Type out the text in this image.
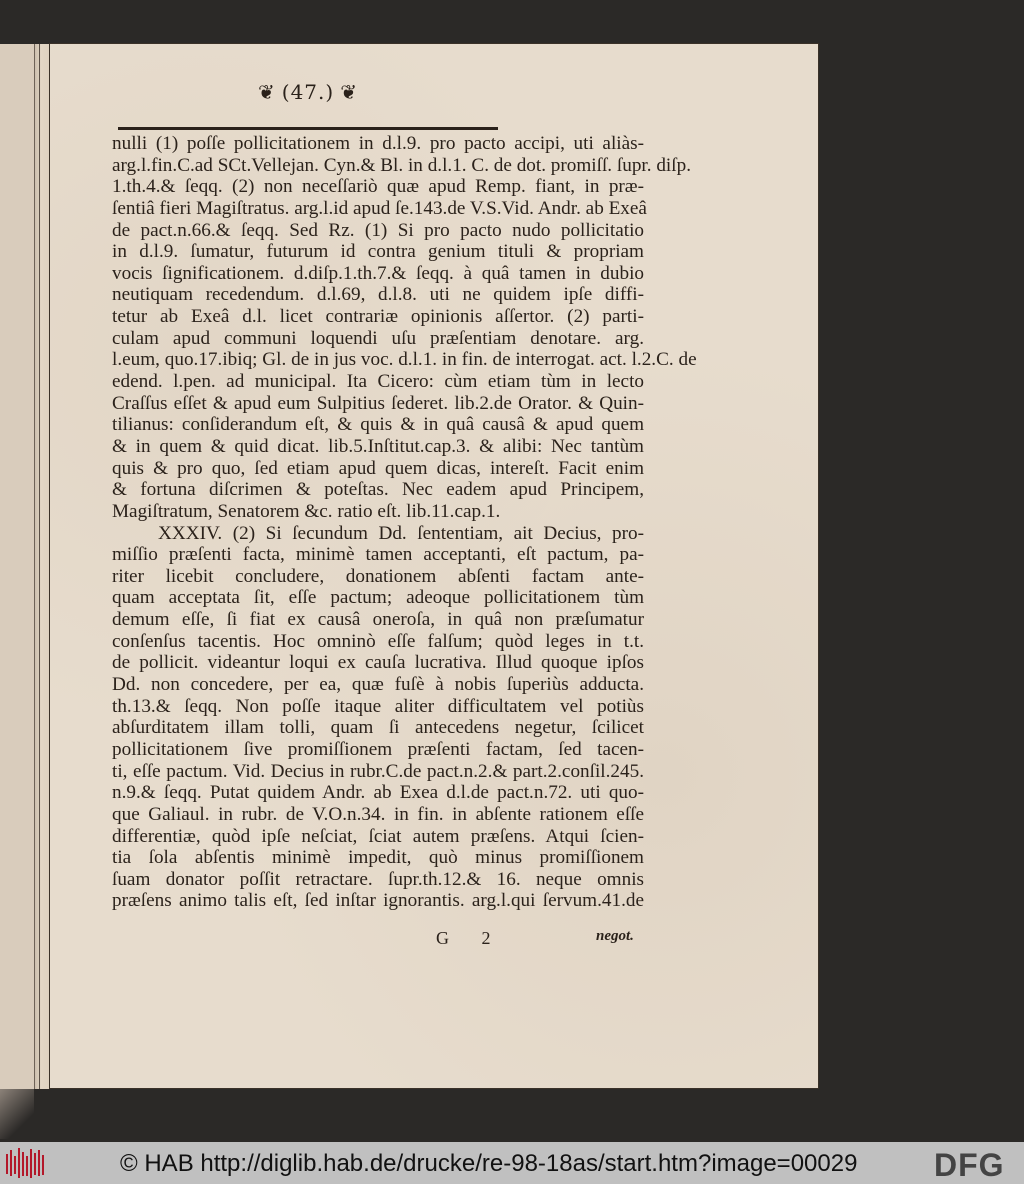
❦ (47.) ❦
nulli (1) poſſe pollicitationem in d.l.9. pro pacto accipi, uti aliàs-
arg.l.fin.C.ad SCt.Vellejan. Cyn.& Bl. in d.l.1. C. de dot. promiſſ. ſupr. diſp.
1.th.4.& ſeqq. (2) non neceſſariò quæ apud Remp. fiant, in præ-
ſentiâ fieri Magiſtratus. arg.l.id apud ſe.143.de V.S.Vid. Andr. ab Exeâ
de pact.n.66.& ſeqq. Sed Rz. (1) Si pro pacto nudo pollicitatio
in d.l.9. ſumatur, futurum id contra genium tituli & propriam
vocis ſignificationem. d.diſp.1.th.7.& ſeqq. à quâ tamen in dubio
neutiquam recedendum. d.l.69, d.l.8. uti ne quidem ipſe diffi-
tetur ab Exeâ d.l. licet contrariæ opinionis aſſertor. (2) parti-
culam apud communi loquendi uſu præſentiam denotare. arg.
l.eum, quo.17.ibiq; Gl. de in jus voc. d.l.1. in fin. de interrogat. act. l.2.C. de
edend. l.pen. ad municipal. Ita Cicero: cùm etiam tùm in lecto
Craſſus eſſet & apud eum Sulpitius ſederet. lib.2.de Orator. & Quin-
tilianus: conſiderandum eſt, & quis & in quâ causâ & apud quem
& in quem & quid dicat. lib.5.Inſtitut.cap.3. & alibi: Nec tantùm
quis & pro quo, ſed etiam apud quem dicas, intereſt. Facit enim
& fortuna diſcrimen & poteſtas. Nec eadem apud Principem,
Magiſtratum, Senatorem &c. ratio eſt. lib.11.cap.1.
XXXIV. (2) Si ſecundum Dd. ſententiam, ait Decius, pro-
miſſio præſenti facta, minimè tamen acceptanti, eſt pactum, pa-
riter licebit concludere, donationem abſenti factam ante-
quam acceptata ſit, eſſe pactum; adeoque pollicitationem tùm
demum eſſe, ſi fiat ex causâ oneroſa, in quâ non præſumatur
conſenſus tacentis. Hoc omninò eſſe falſum; quòd leges in t.t.
de pollicit. videantur loqui ex cauſa lucrativa. Illud quoque ipſos
Dd. non concedere, per ea, quæ fuſè à nobis ſuperiùs adducta.
th.13.& ſeqq. Non poſſe itaque aliter difficultatem vel potiùs
abſurditatem illam tolli, quam ſi antecedens negetur, ſcilicet
pollicitationem ſive promiſſionem præſenti factam, ſed tacen-
ti, eſſe pactum. Vid. Decius in rubr.C.de pact.n.2.& part.2.conſil.245.
n.9.& ſeqq. Putat quidem Andr. ab Exea d.l.de pact.n.72. uti quo-
que Galiaul. in rubr. de V.O.n.34. in fin. in abſente rationem eſſe
differentiæ, quòd ipſe neſciat, ſciat autem præſens. Atqui ſcien-
tia ſola abſentis minimè impedit, quò minus promiſſionem
ſuam donator poſſit retractare. ſupr.th.12.& 16. neque omnis
præſens animo talis eſt, ſed inſtar ignorantis. arg.l.qui ſervum.41.de
G 2	negot.
© HAB http://diglib.hab.de/drucke/re-98-18as/start.htm?image=00029 DFG
